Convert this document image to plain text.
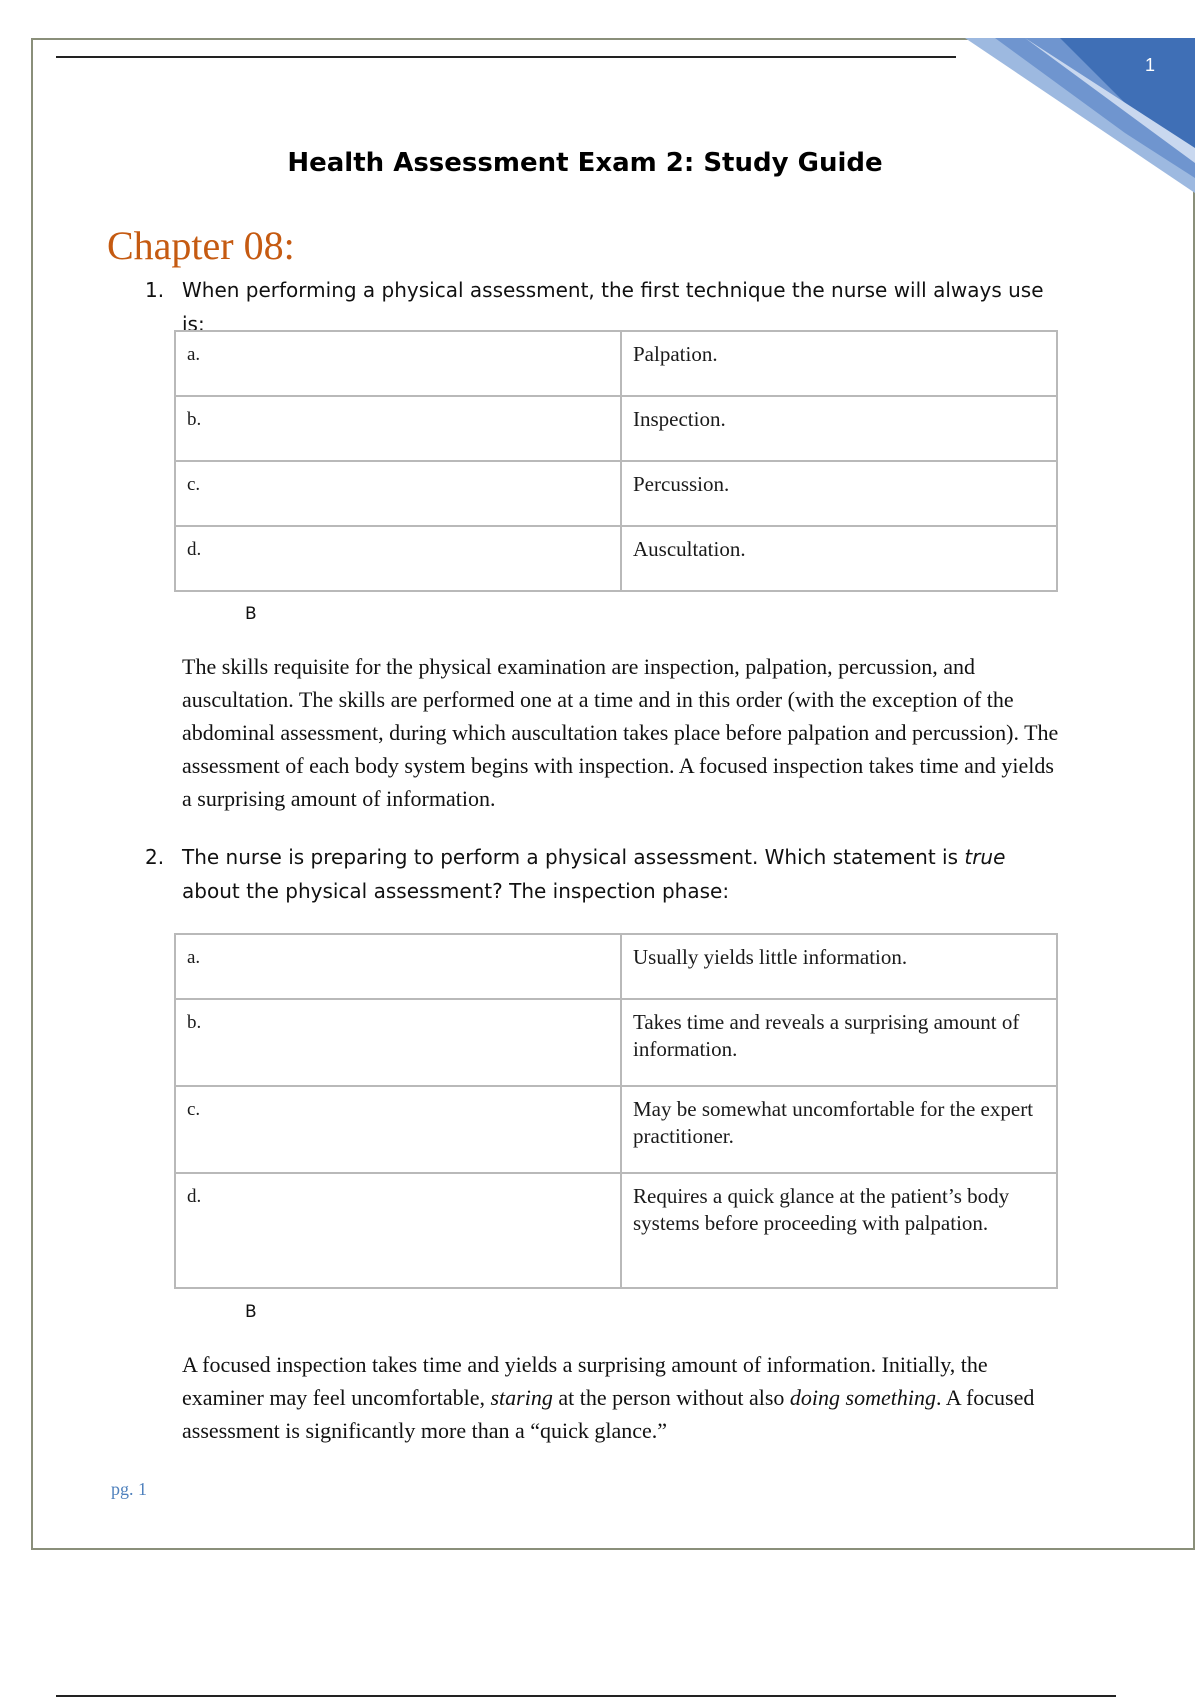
1
Health Assessment Exam 2: Study Guide
Chapter 08:
1. When performing a physical assessment, the first technique the nurse will always use is:
a.	Palpation.
b.	Inspection.
c.	Percussion.
d.	Auscultation.
B

The skills requisite for the physical examination are inspection, palpation, percussion, and auscultation. The skills are performed one at a time and in this order (with the exception of the abdominal assessment, during which auscultation takes place before palpation and percussion). The assessment of each body system begins with inspection. A focused inspection takes time and yields a surprising amount of information.

2. The nurse is preparing to perform a physical assessment. Which statement is true about the physical assessment? The inspection phase:
a.	Usually yields little information.
b.	Takes time and reveals a surprising amount of information.
c.	May be somewhat uncomfortable for the expert practitioner.
d.	Requires a quick glance at the patient’s body systems before proceeding with palpation.
B

A focused inspection takes time and yields a surprising amount of information. Initially, the examiner may feel uncomfortable, staring at the person without also doing something. A focused assessment is significantly more than a “quick glance.”

pg. 1
